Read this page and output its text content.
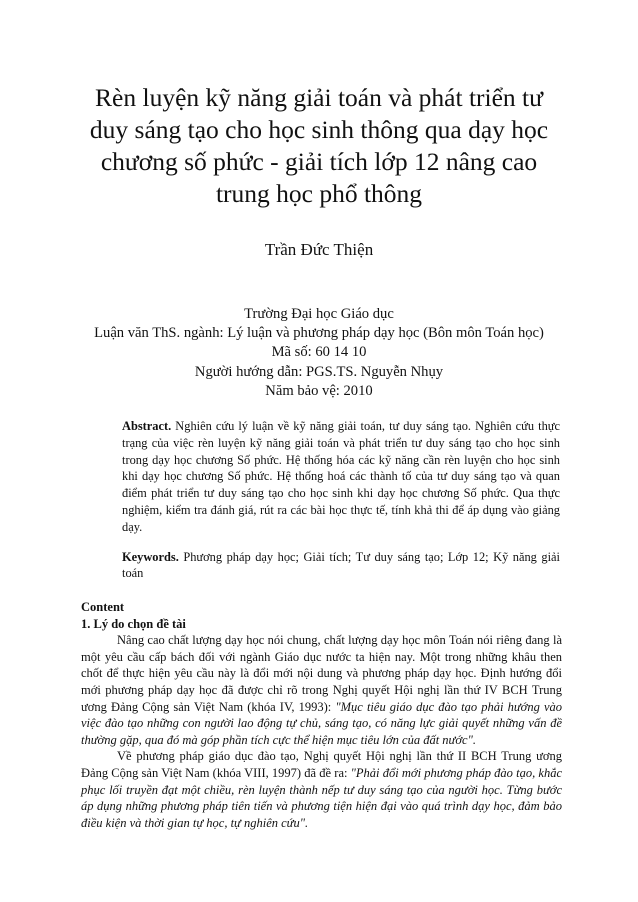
Rèn luyện kỹ năng giải toán và phát triển tư
duy sáng tạo cho học sinh thông qua dạy học
chương số phức - giải tích lớp 12 nâng cao
trung học phổ thông
Trần Đức Thiện
Trường Đại học Giáo dục
Luận văn ThS. ngành: Lý luận và phương pháp dạy học (Bôn môn Toán học)
Mã số: 60 14 10
Người hướng dẫn: PGS.TS. Nguyễn Nhụy
Năm bảo vệ: 2010

Abstract. Nghiên cứu lý luận về kỹ năng giải toán, tư duy sáng tạo. Nghiên cứu thực trạng của việc rèn luyện kỹ năng giải toán và phát triển tư duy sáng tạo cho học sinh trong dạy học chương Số phức. Hệ thống hóa các kỹ năng cần rèn luyện cho học sinh khi dạy học chương Số phức. Hệ thống hoá các thành tố của tư duy sáng tạo và quan điểm phát triển tư duy sáng tạo cho học sinh khi dạy học chương Số phức. Qua thực nghiệm, kiểm tra đánh giá, rút ra các bài học thực tế, tính khả thi để áp dụng vào giảng dạy.

Keywords. Phương pháp dạy học; Giải tích; Tư duy sáng tạo; Lớp 12; Kỹ năng giải toán

Content

1. Lý do chọn đề tài

Nâng cao chất lượng dạy học nói chung, chất lượng dạy học môn Toán nói riêng đang là một yêu cầu cấp bách đối với ngành Giáo dục nước ta hiện nay. Một trong những khâu then chốt để thực hiện yêu cầu này là đổi mới nội dung và phương pháp dạy học. Định hướng đổi mới phương pháp dạy học đã được chỉ rõ trong Nghị quyết Hội nghị lần thứ IV BCH Trung ương Đảng Cộng sản Việt Nam (khóa IV, 1993): "Mục tiêu giáo dục đào tạo phải hướng vào việc đào tạo những con người lao động tự chủ, sáng tạo, có năng lực giải quyết những vấn đề thường gặp, qua đó mà góp phần tích cực thể hiện mục tiêu lớn của đất nước".

Về phương pháp giáo dục đào tạo, Nghị quyết Hội nghị lần thứ II BCH Trung ương Đảng Cộng sản Việt Nam (khóa VIII, 1997) đã đề ra: "Phải đổi mới phương pháp đào tạo, khắc phục lối truyền đạt một chiều, rèn luyện thành nếp tư duy sáng tạo của người học. Từng bước áp dụng những phương pháp tiên tiến và phương tiện hiện đại vào quá trình dạy học, đảm bảo điều kiện và thời gian tự học, tự nghiên cứu".
